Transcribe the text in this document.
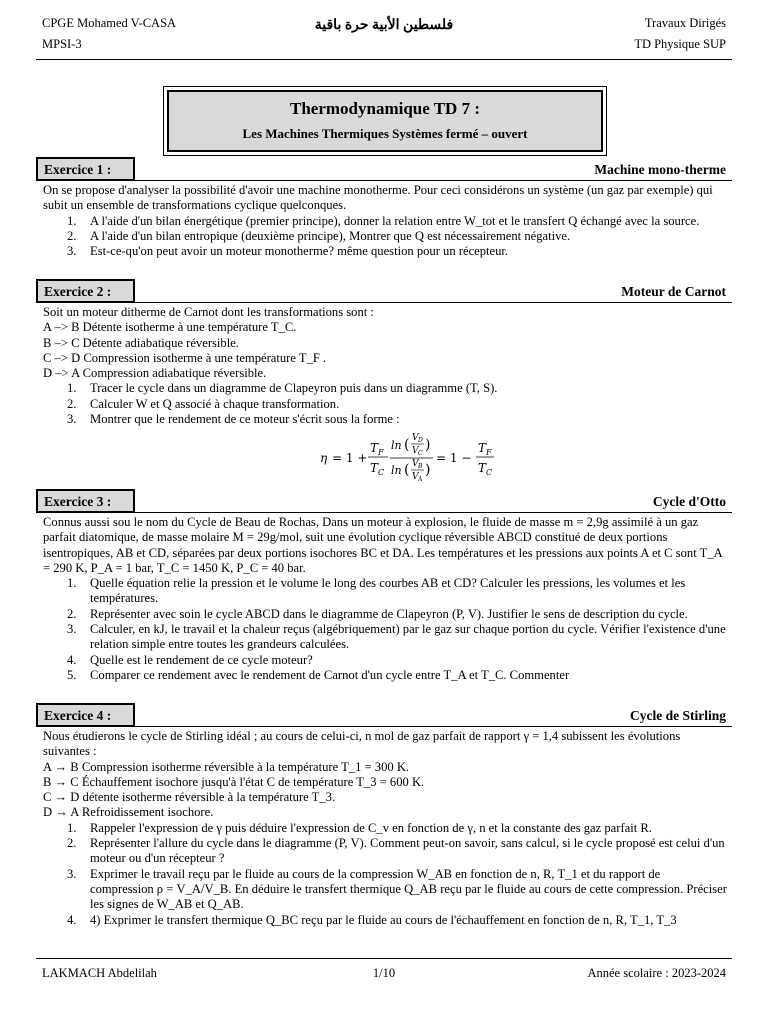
CPGE Mohamed V-CASA
MPSI-3
فلسطين الأبية حرة باقية	Travaux Dirigés
TD Physique SUP
Thermodynamique TD 7 :
Les Machines Thermiques Systèmes fermé – ouvert
Exercice 1 :	Machine mono-therme
On se propose d'analyser la possibilité d'avoir une machine monotherme. Pour ceci considérons un système (un gaz par exemple) qui subit un ensemble de transformations cyclique quelconques.
1.	A l'aide d'un bilan énergétique (premier principe), donner la relation entre W_tot et le transfert Q échangé avec la source.
2.	A l'aide d'un bilan entropique (deuxième principe), Montrer que Q est nécessairement négative.
3.	Est-ce-qu'on peut avoir un moteur monotherme? même question pour un récepteur.
Exercice 2 :	Moteur de Carnot
Soit un moteur ditherme de Carnot dont les transformations sont :
A –> B Détente isotherme à une température T_C.
B –> C Détente adiabatique réversible.
C –> D Compression isotherme à une température T_F .
D –> A Compression adiabatique réversible.
1.	Tracer le cycle dans un diagramme de Clapeyron puis dans un diagramme (T, S).
2.	Calculer W et Q associé à chaque transformation.
3.	Montrer que le rendement de ce moteur s'écrit sous la forme :
η = 1 +
T F
T C
ln ( V D
V C
)
ln ( V B
V A
)
= 1 −
T F
T C
Exercice 3 :	Cycle d'Otto
Connus aussi sou le nom du Cycle de Beau de Rochas, Dans un moteur à explosion, le fluide de masse m = 2,9g assimilé à un gaz parfait diatomique, de masse molaire M = 29g/mol, suit une évolution cyclique réversible ABCD constitué de deux portions isentropiques, AB et CD, séparées par deux portions isochores BC et DA. Les températures et les pressions aux points A et C sont T_A = 290 K, P_A = 1 bar, T_C = 1450 K, P_C = 40 bar.
1.	Quelle équation relie la pression et le volume le long des courbes AB et CD? Calculer les pressions, les volumes et les températures.
2.	Représenter avec soin le cycle ABCD dans le diagramme de Clapeyron (P, V). Justifier le sens de description du cycle.
3.	Calculer, en kJ, le travail et la chaleur reçus (algébriquement) par le gaz sur chaque portion du cycle. Vérifier l'existence d'une relation simple entre toutes les grandeurs calculées.
4.	Quelle est le rendement de ce cycle moteur?
5.	Comparer ce rendement avec le rendement de Carnot d'un cycle entre T_A et T_C. Commenter
Exercice 4 :	Cycle de Stirling
Nous étudierons le cycle de Stirling idéal ; au cours de celui-ci, n mol de gaz parfait de rapport γ = 1,4 subissent les évolutions suivantes :
A → B Compression isotherme réversible à la température T_1 = 300 K.
B → C Échauffement isochore jusqu'à l'état C de température T_3 = 600 K.
C → D détente isotherme réversible à la température T_3.
D → A Refroidissement isochore.
1.	Rappeler l'expression de γ puis déduire l'expression de C_v en fonction de γ, n et la constante des gaz parfait R.
2.	Représenter l'allure du cycle dans le diagramme (P, V). Comment peut-on savoir, sans calcul, si le cycle proposé est celui d'un moteur ou d'un récepteur ?
3.	Exprimer le travail reçu par le fluide au cours de la compression W_AB en fonction de n, R, T_1 et du rapport de compression ρ = V_A/V_B. En déduire le transfert thermique Q_AB reçu par le fluide au cours de cette compression. Préciser les signes de W_AB et Q_AB.
4.	4) Exprimer le transfert thermique Q_BC reçu par le fluide au cours de l'échauffement en fonction de n, R, T_1, T_3
LAKMACH Abdelilah	1/10	Année scolaire : 2023-2024
